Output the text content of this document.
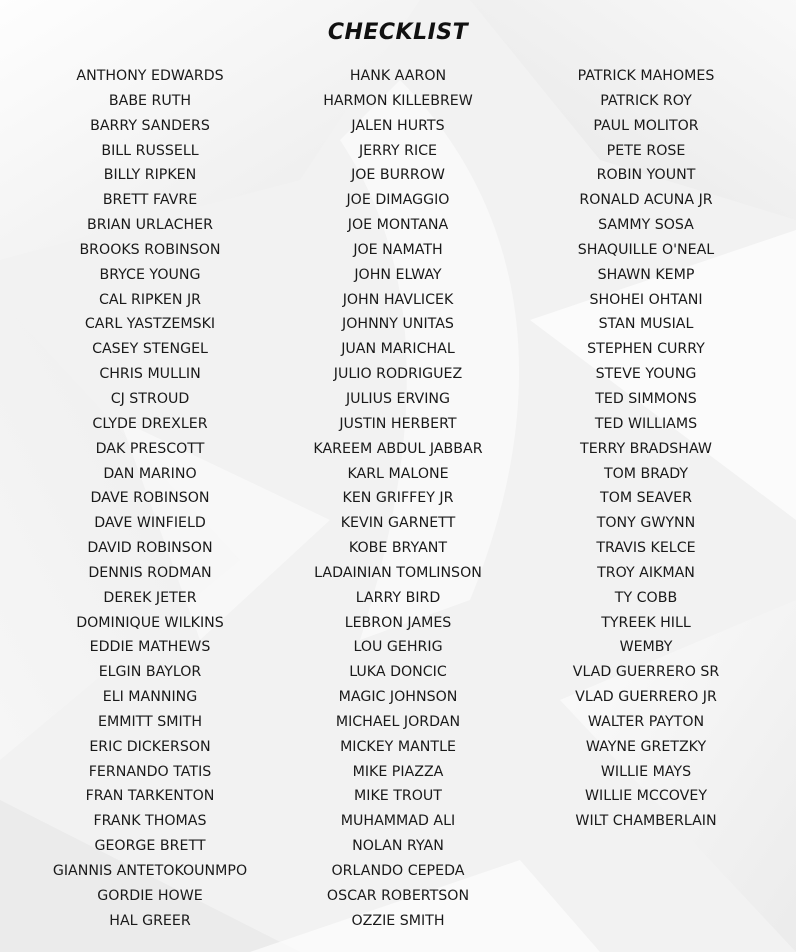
CHECKLIST
ANTHONY EDWARDS
BABE RUTH
BARRY SANDERS
BILL RUSSELL
BILLY RIPKEN
BRETT FAVRE
BRIAN URLACHER
BROOKS ROBINSON
BRYCE YOUNG
CAL RIPKEN JR
CARL YASTZEMSKI
CASEY STENGEL
CHRIS MULLIN
CJ STROUD
CLYDE DREXLER
DAK PRESCOTT
DAN MARINO
DAVE ROBINSON
DAVE WINFIELD
DAVID ROBINSON
DENNIS RODMAN
DEREK JETER
DOMINIQUE WILKINS
EDDIE MATHEWS
ELGIN BAYLOR
ELI MANNING
EMMITT SMITH
ERIC DICKERSON
FERNANDO TATIS
FRAN TARKENTON
FRANK THOMAS
GEORGE BRETT
GIANNIS ANTETOKOUNMPO
GORDIE HOWE
HAL GREER
HANK AARON
HARMON KILLEBREW
JALEN HURTS
JERRY RICE
JOE BURROW
JOE DIMAGGIO
JOE MONTANA
JOE NAMATH
JOHN ELWAY
JOHN HAVLICEK
JOHNNY UNITAS
JUAN MARICHAL
JULIO RODRIGUEZ
JULIUS ERVING
JUSTIN HERBERT
KAREEM ABDUL JABBAR
KARL MALONE
KEN GRIFFEY JR
KEVIN GARNETT
KOBE BRYANT
LADAINIAN TOMLINSON
LARRY BIRD
LEBRON JAMES
LOU GEHRIG
LUKA DONCIC
MAGIC JOHNSON
MICHAEL JORDAN
MICKEY MANTLE
MIKE PIAZZA
MIKE TROUT
MUHAMMAD ALI
NOLAN RYAN
ORLANDO CEPEDA
OSCAR ROBERTSON
OZZIE SMITH
PATRICK MAHOMES
PATRICK ROY
PAUL MOLITOR
PETE ROSE
ROBIN YOUNT
RONALD ACUNA JR
SAMMY SOSA
SHAQUILLE O'NEAL
SHAWN KEMP
SHOHEI OHTANI
STAN MUSIAL
STEPHEN CURRY
STEVE YOUNG
TED SIMMONS
TED WILLIAMS
TERRY BRADSHAW
TOM BRADY
TOM SEAVER
TONY GWYNN
TRAVIS KELCE
TROY AIKMAN
TY COBB
TYREEK HILL
WEMBY
VLAD GUERRERO SR
VLAD GUERRERO JR
WALTER PAYTON
WAYNE GRETZKY
WILLIE MAYS
WILLIE MCCOVEY
WILT CHAMBERLAIN
